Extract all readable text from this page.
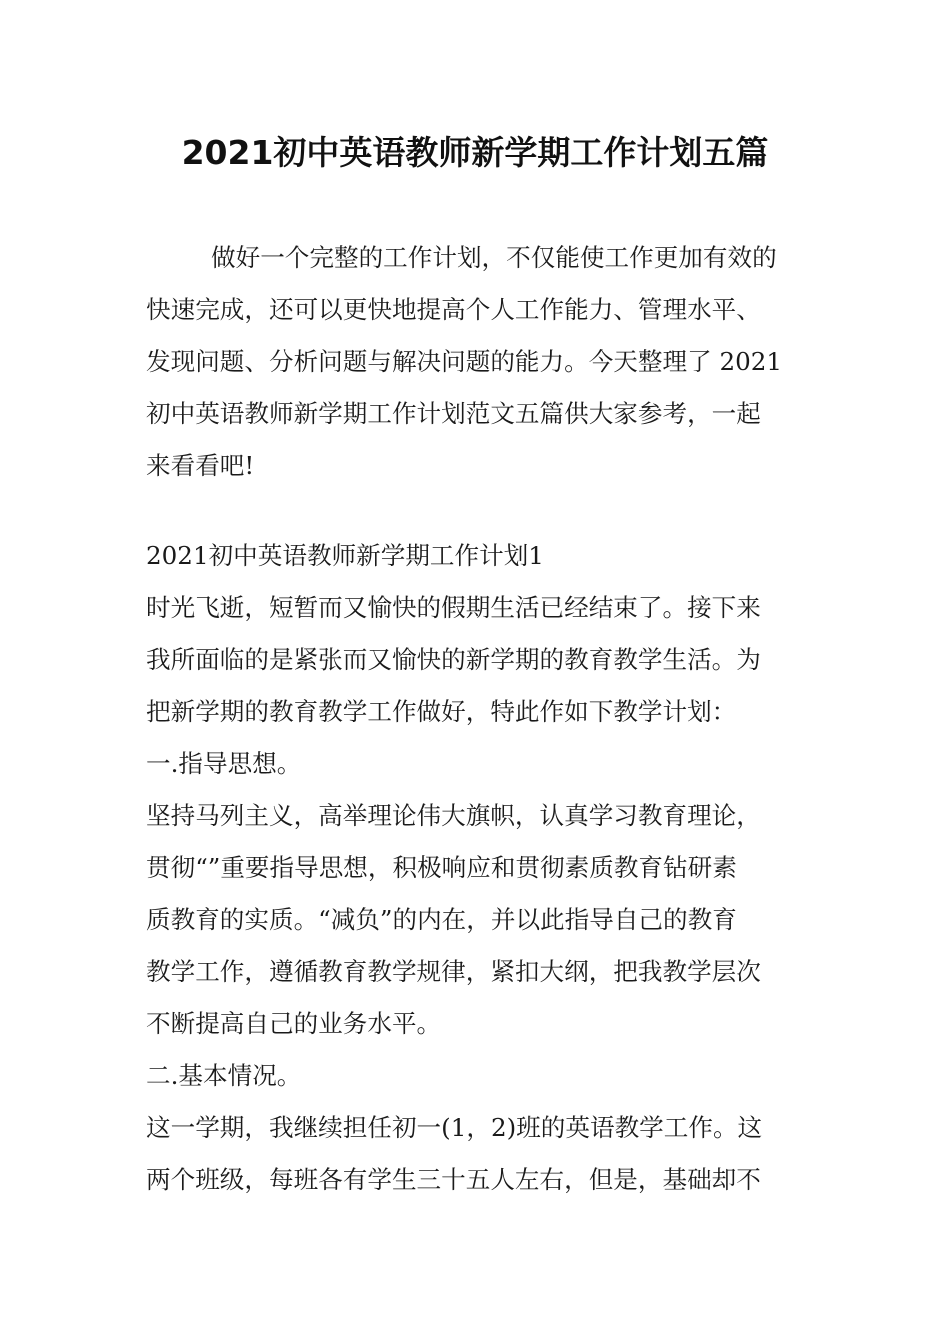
2021初中英语教师新学期工作计划五篇
做好一个完整的工作计划，不仅能使工作更加有效的
快速完成，还可以更快地提高个人工作能力、管理水平、
发现问题、分析问题与解决问题的能力。今天整理了 2021
初中英语教师新学期工作计划范文五篇供大家参考，一起
来看看吧!
2021初中英语教师新学期工作计划1
时光飞逝，短暂而又愉快的假期生活已经结束了。接下来
我所面临的是紧张而又愉快的新学期的教育教学生活。为
把新学期的教育教学工作做好，特此作如下教学计划：
一.指导思想。
坚持马列主义，高举理论伟大旗帜，认真学习教育理论，
贯彻“”重要指导思想，积极响应和贯彻素质教育钻研素
质教育的实质。“减负”的内在，并以此指导自己的教育
教学工作，遵循教育教学规律，紧扣大纲，把我教学层次
不断提高自己的业务水平。
二.基本情况。
这一学期，我继续担任初一(1，2)班的英语教学工作。这
两个班级，每班各有学生三十五人左右，但是，基础却不
